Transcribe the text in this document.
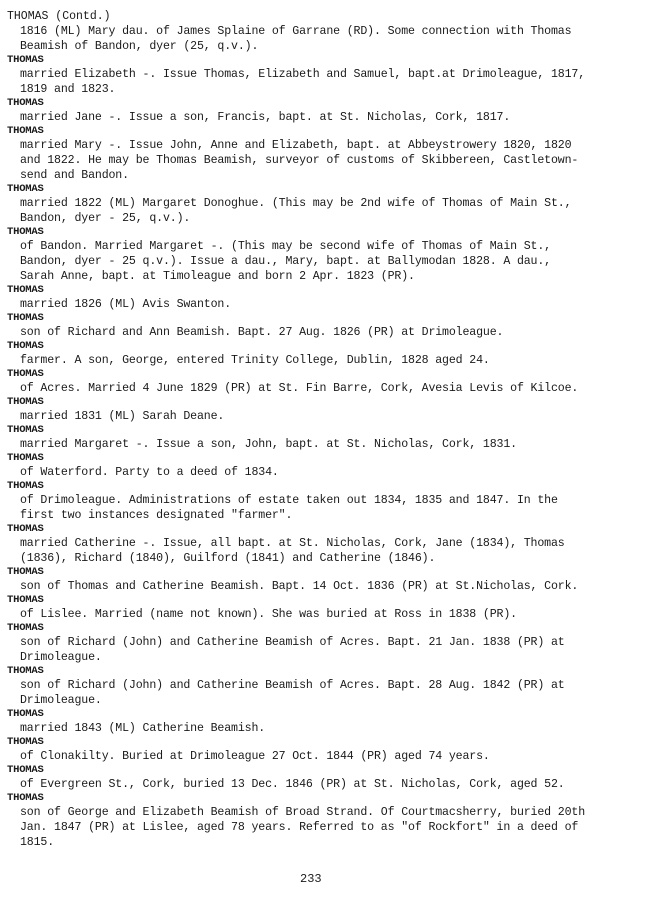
THOMAS (Contd.)
1816 (ML) Mary dau. of James Splaine of Garrane (RD). Some connection with Thomas
Beamish of Bandon, dyer (25, q.v.).
THOMAS
married Elizabeth -. Issue Thomas, Elizabeth and Samuel, bapt.at Drimoleague, 1817,
1819 and 1823.
THOMAS
married Jane -. Issue a son, Francis, bapt. at St. Nicholas, Cork, 1817.
THOMAS
married Mary -. Issue John, Anne and Elizabeth, bapt. at Abbeystrowery 1820, 1820
and 1822. He may be Thomas Beamish, surveyor of customs of Skibbereen, Castletown-
send and Bandon.
THOMAS
married 1822 (ML) Margaret Donoghue. (This may be 2nd wife of Thomas of Main St.,
Bandon, dyer - 25, q.v.).
THOMAS
of Bandon. Married Margaret -. (This may be second wife of Thomas of Main St.,
Bandon, dyer - 25 q.v.). Issue a dau., Mary, bapt. at Ballymodan 1828. A dau.,
Sarah Anne, bapt. at Timoleague and born 2 Apr. 1823 (PR).
THOMAS
married 1826 (ML) Avis Swanton.
THOMAS
son of Richard and Ann Beamish. Bapt. 27 Aug. 1826 (PR) at Drimoleague.
THOMAS
farmer. A son, George, entered Trinity College, Dublin, 1828 aged 24.
THOMAS
of Acres. Married 4 June 1829 (PR) at St. Fin Barre, Cork, Avesia Levis of Kilcoe.
THOMAS
married 1831 (ML) Sarah Deane.
THOMAS
married Margaret -. Issue a son, John, bapt. at St. Nicholas, Cork, 1831.
THOMAS
of Waterford. Party to a deed of 1834.
THOMAS
of Drimoleague. Administrations of estate taken out 1834, 1835 and 1847. In the
first two instances designated "farmer".
THOMAS
married Catherine -. Issue, all bapt. at St. Nicholas, Cork, Jane (1834), Thomas
(1836), Richard (1840), Guilford (1841) and Catherine (1846).
THOMAS
son of Thomas and Catherine Beamish. Bapt. 14 Oct. 1836 (PR) at St.Nicholas, Cork.
THOMAS
of Lislee. Married (name not known). She was buried at Ross in 1838 (PR).
THOMAS
son of Richard (John) and Catherine Beamish of Acres. Bapt. 21 Jan. 1838 (PR) at
Drimoleague.
THOMAS
son of Richard (John) and Catherine Beamish of Acres. Bapt. 28 Aug. 1842 (PR) at
Drimoleague.
THOMAS
married 1843 (ML) Catherine Beamish.
THOMAS
of Clonakilty. Buried at Drimoleague 27 Oct. 1844 (PR) aged 74 years.
THOMAS
of Evergreen St., Cork, buried 13 Dec. 1846 (PR) at St. Nicholas, Cork, aged 52.
THOMAS
son of George and Elizabeth Beamish of Broad Strand. Of Courtmacsherry, buried 20th
Jan. 1847 (PR) at Lislee, aged 78 years. Referred to as "of Rockfort" in a deed of
1815.
233
